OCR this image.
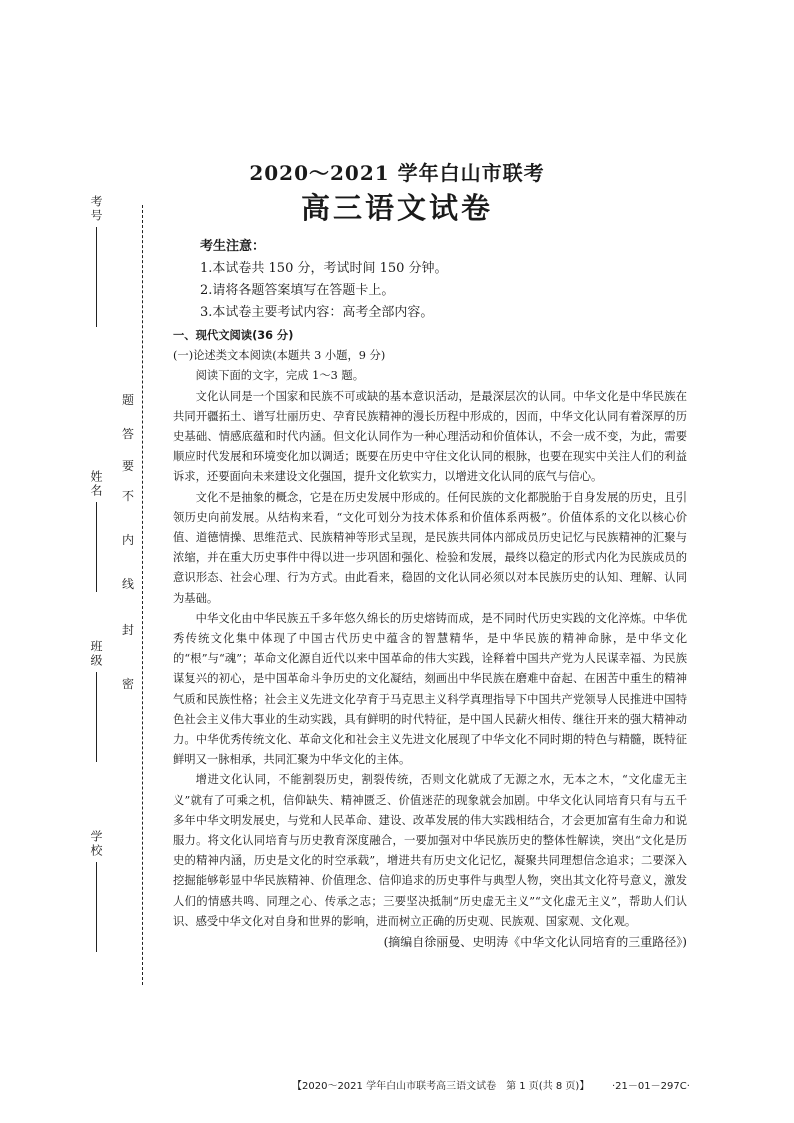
考号
姓名
班级
学校
密
封
线
内
不
要
答
题
2020～2021 学年白山市联考
高三语文试卷
考生注意：
1.本试卷共 150 分，考试时间 150 分钟。
2.请将各题答案填写在答题卡上。
3.本试卷主要考试内容：高考全部内容。

一、现代文阅读(36 分)

(一)论述类文本阅读(本题共 3 小题，9 分)

阅读下面的文字，完成 1～3 题。

文化认同是一个国家和民族不可或缺的基本意识活动，是最深层次的认同。中华文化是中华民族在共同开疆拓土、谱写壮丽历史、孕育民族精神的漫长历程中形成的，因而，中华文化认同有着深厚的历史基础、情感底蕴和时代内涵。但文化认同作为一种心理活动和价值体认，不会一成不变，为此，需要顺应时代发展和环境变化加以调适；既要在历史中守住文化认同的根脉，也要在现实中关注人们的利益诉求，还要面向未来建设文化强国，提升文化软实力，以增进文化认同的底气与信心。

文化不是抽象的概念，它是在历史发展中形成的。任何民族的文化都脱胎于自身发展的历史，且引领历史向前发展。从结构来看，“文化可划分为技术体系和价值体系两极”。价值体系的文化以核心价值、道德情操、思维范式、民族精神等形式呈现，是民族共同体内部成员历史记忆与民族精神的汇聚与浓缩，并在重大历史事件中得以进一步巩固和强化、检验和发展，最终以稳定的形式内化为民族成员的意识形态、社会心理、行为方式。由此看来，稳固的文化认同必须以对本民族历史的认知、理解、认同为基础。

中华文化由中华民族五千多年悠久绵长的历史熔铸而成，是不同时代历史实践的文化淬炼。中华优秀传统文化集中体现了中国古代历史中蕴含的智慧精华，是中华民族的精神命脉，是中华文化的“根”与“魂”；革命文化源自近代以来中国革命的伟大实践，诠释着中国共产党为人民谋幸福、为民族谋复兴的初心，是中国革命斗争历史的文化凝结，刻画出中华民族在磨难中奋起、在困苦中重生的精神气质和民族性格；社会主义先进文化孕育于马克思主义科学真理指导下中国共产党领导人民推进中国特色社会主义伟大事业的生动实践，具有鲜明的时代特征，是中国人民薪火相传、继往开来的强大精神动力。中华优秀传统文化、革命文化和社会主义先进文化展现了中华文化不同时期的特色与精髓，既特征鲜明又一脉相承，共同汇聚为中华文化的主体。

增进文化认同，不能割裂历史，割裂传统，否则文化就成了无源之水，无本之木，“文化虚无主义”就有了可乘之机，信仰缺失、精神匮乏、价值迷茫的现象就会加剧。中华文化认同培育只有与五千多年中华文明发展史，与党和人民革命、建设、改革发展的伟大实践相结合，才会更加富有生命力和说服力。将文化认同培育与历史教育深度融合，一要加强对中华民族历史的整体性解读，突出“文化是历史的精神内涵，历史是文化的时空承载”，增进共有历史文化记忆，凝聚共同理想信念追求；二要深入挖掘能够彰显中华民族精神、价值理念、信仰追求的历史事件与典型人物，突出其文化符号意义，激发人们的情感共鸣、同理之心、传承之志；三要坚决抵制“历史虚无主义”“文化虚无主义”，帮助人们认识、感受中华文化对自身和世界的影响，进而树立正确的历史观、民族观、国家观、文化观。

(摘编自徐丽曼、史明涛《中华文化认同培育的三重路径》)

【2020～2021 学年白山市联考高三语文试卷　第 1 页(共 8 页)】 ·21－01－297C·
